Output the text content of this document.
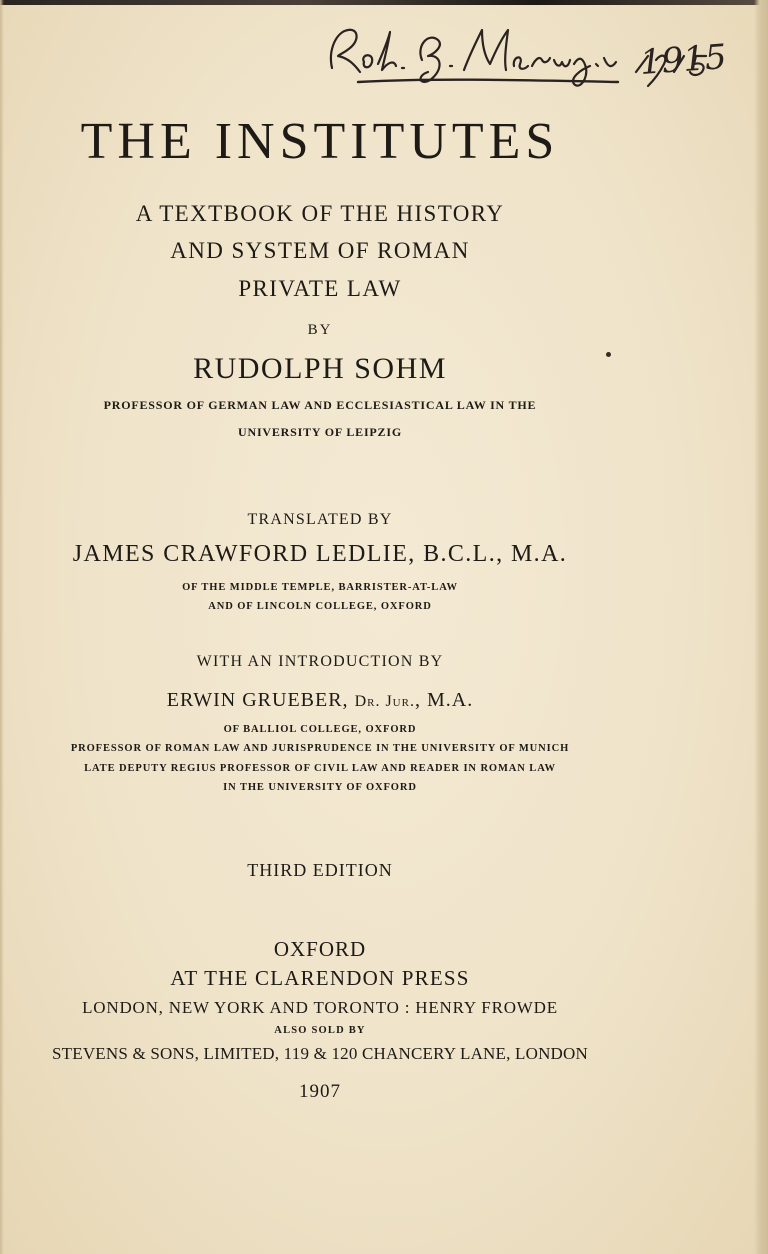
THE INSTITUTES
A TEXTBOOK OF THE HISTORY
AND SYSTEM OF ROMAN
PRIVATE LAW
BY
RUDOLPH SOHM
PROFESSOR OF GERMAN LAW AND ECCLESIASTICAL LAW IN THE
UNIVERSITY OF LEIPZIG
TRANSLATED BY
JAMES CRAWFORD LEDLIE, B.C.L., M.A.
OF THE MIDDLE TEMPLE, BARRISTER-AT-LAW
AND OF LINCOLN COLLEGE, OXFORD
WITH AN INTRODUCTION BY
ERWIN GRUEBER, Dr. Jur., M.A.
OF BALLIOL COLLEGE, OXFORD
PROFESSOR OF ROMAN LAW AND JURISPRUDENCE IN THE UNIVERSITY OF MUNICH
LATE DEPUTY REGIUS PROFESSOR OF CIVIL LAW AND READER IN ROMAN LAW
IN THE UNIVERSITY OF OXFORD
THIRD EDITION
OXFORD
AT THE CLARENDON PRESS
LONDON, NEW YORK AND TORONTO : HENRY FROWDE
ALSO SOLD BY
STEVENS & SONS, LIMITED, 119 & 120 CHANCERY LANE, LONDON
1907
1915
